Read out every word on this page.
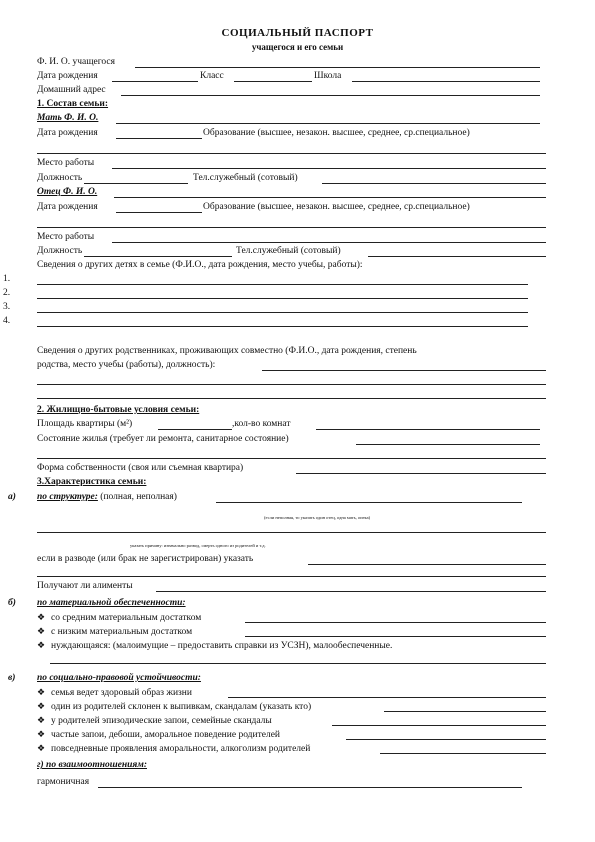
СОЦИАЛЬНЫЙ ПАСПОРТ
учащегося и его семьи
Ф. И. О. учащегося
Дата рождения	Класс	Школа
Домашний адрес
1. Состав семьи:
Мать Ф. И. О.
Дата рождения	Образование (высшее, незакон. высшее, среднее, ср.специальное)
Место работы
Должность	Тел.служебный (сотовый)
Отец Ф. И. О.
Дата рождения	Образование (высшее, незакон. высшее, среднее, ср.специальное)
Место работы
Должность	Тел.служебный (сотовый)
Сведения о других детях в семье (Ф.И.О., дата рождения, место учебы, работы):
1.
2.
3.
4.
Сведения о других родственниках, проживающих совместно (Ф.И.О., дата рождения, степень
родства, место учебы (работы), должность):
2. Жилищно-бытовые условия семьи:
Площадь квартиры (м²)	,кол-во комнат
Состояние жилья (требует ли ремонта, санитарное состояние)
Форма собственности (своя или съемная квартира)
3.Характеристика семьи:
а) по структуре: (полная, неполная)
(если неполная, то указать один отец, одна мать, опека)
указать причину: изначально развод, смерть одного из родителей и т.д.
если в разводе (или брак не зарегистрирован) указать
Получают ли алименты
б) по материальной обеспеченности:
❖ со средним материальным достатком
❖ с низким материальным достатком
❖ нуждающаяся: (малоимущие – предоставить справки из УСЗН), малообеспеченные.
в) по социально-правовой устойчивости:
❖ семья ведет здоровый образ жизни
❖ один из родителей склонен к выпивкам, скандалам (указать кто)
❖ у родителей эпизодические запои, семейные скандалы
❖ частые запои, дебоши, аморальное поведение родителей
❖ повседневные проявления аморальности, алкоголизм родителей
г) по взаимоотношениям:
гармоничная
